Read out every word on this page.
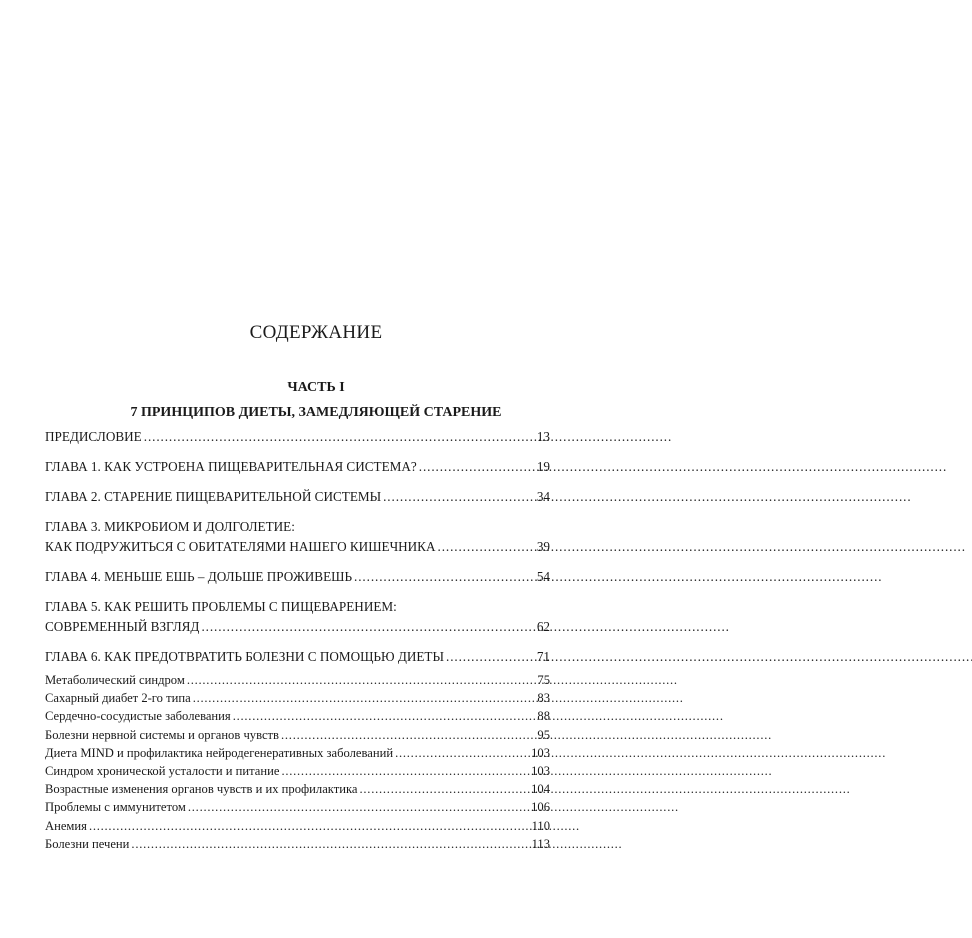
СОДЕРЖАНИЕ
ЧАСТЬ I
7 ПРИНЦИПОВ ДИЕТЫ, ЗАМЕДЛЯЮЩЕЙ СТАРЕНИЕ
ПРЕДИСЛОВИЕ . . .	13
ГЛАВА 1. КАК УСТРОЕНА ПИЩЕВАРИТЕЛЬНАЯ СИСТЕМА? . . .	19
ГЛАВА 2. СТАРЕНИЕ ПИЩЕВАРИТЕЛЬНОЙ СИСТЕМЫ . . .	34
ГЛАВА 3. МИКРОБИОМ И ДОЛГОЛЕТИЕ:
КАК ПОДРУЖИТЬСЯ С ОБИТАТЕЛЯМИ НАШЕГО КИШЕЧНИКА . . .	39
ГЛАВА 4. МЕНЬШЕ ЕШЬ – ДОЛЬШЕ ПРОЖИВЕШЬ . . .	54
ГЛАВА 5. КАК РЕШИТЬ ПРОБЛЕМЫ С ПИЩЕВАРЕНИЕМ:
СОВРЕМЕННЫЙ ВЗГЛЯД . . .	62
ГЛАВА 6. КАК ПРЕДОТВРАТИТЬ БОЛЕЗНИ С ПОМОЩЬЮ ДИЕТЫ . . .	71
Метаболический синдром . . .	75
Сахарный диабет 2-го типа . . .	83
Сердечно-сосудистые заболевания . . .	88
Болезни нервной системы и органов чувств . . .	95
Диета MIND и профилактика нейродегенеративных заболеваний . . .	103
Синдром хронической усталости и питание . . .	103
Возрастные изменения органов чувств и их профилактика . . .	104
Проблемы с иммунитетом . . .	106
Анемия . . .	110
Болезни печени . . .	113
